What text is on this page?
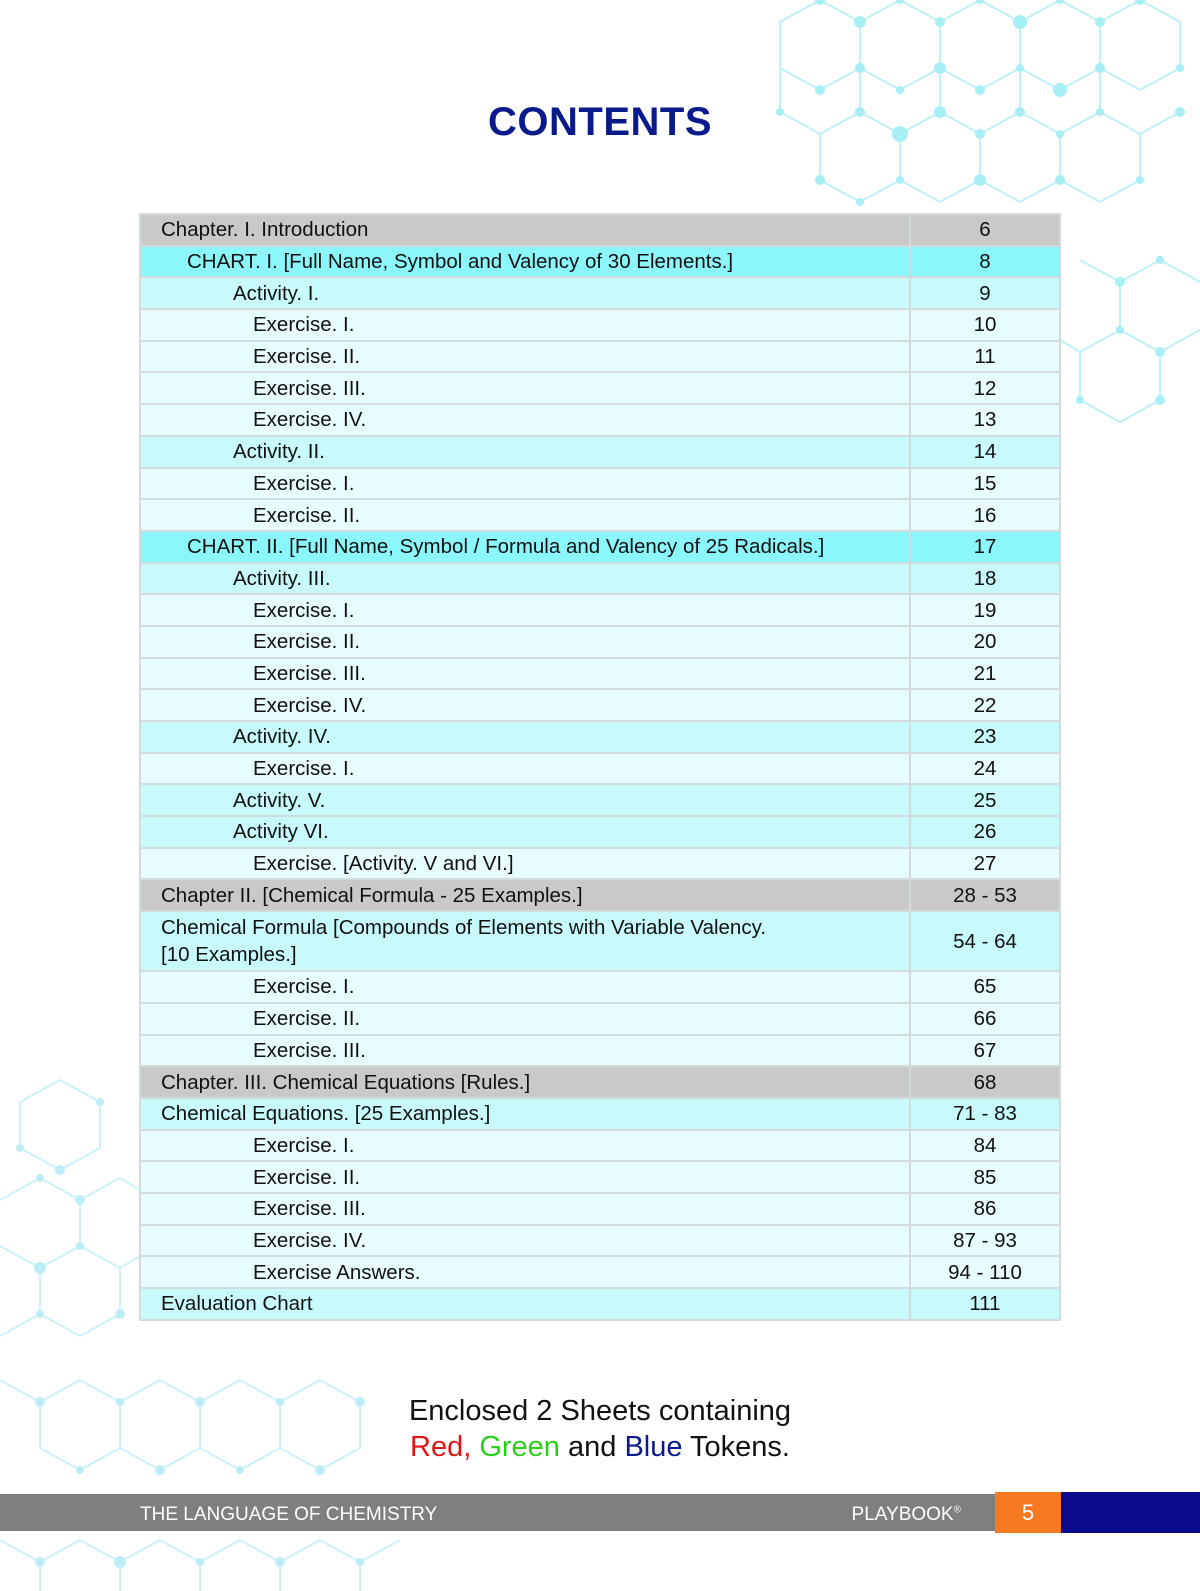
CONTENTS
Chapter. I. Introduction	6
CHART. I. [Full Name, Symbol and Valency of 30 Elements.]	8
Activity. I.	9
Exercise. I.	10
Exercise. II.	11
Exercise. III.	12
Exercise. IV.	13
Activity. II.	14
Exercise. I.	15
Exercise. II.	16
CHART. II. [Full Name, Symbol / Formula and Valency of 25 Radicals.]	17
Activity. III.	18
Exercise. I.	19
Exercise. II.	20
Exercise. III.	21
Exercise. IV.	22
Activity. IV.	23
Exercise. I.	24
Activity. V.	25
Activity VI.	26
Exercise. [Activity. V and VI.]	27
Chapter II. [Chemical Formula - 25 Examples.]	28 - 53
Chemical Formula [Compounds of Elements with Variable Valency.
[10 Examples.]	54 - 64
Exercise. I.	65
Exercise. II.	66
Exercise. III.	67
Chapter. III. Chemical Equations [Rules.]	68
Chemical Equations. [25 Examples.]	71 - 83
Exercise. I.	84
Exercise. II.	85
Exercise. III.	86
Exercise. IV.	87 - 93
Exercise Answers.	94 - 110
Evaluation Chart	111
Enclosed 2 Sheets containing
Red, Green and Blue Tokens.
THE LANGUAGE OF CHEMISTRY	PLAYBOOK®	5
